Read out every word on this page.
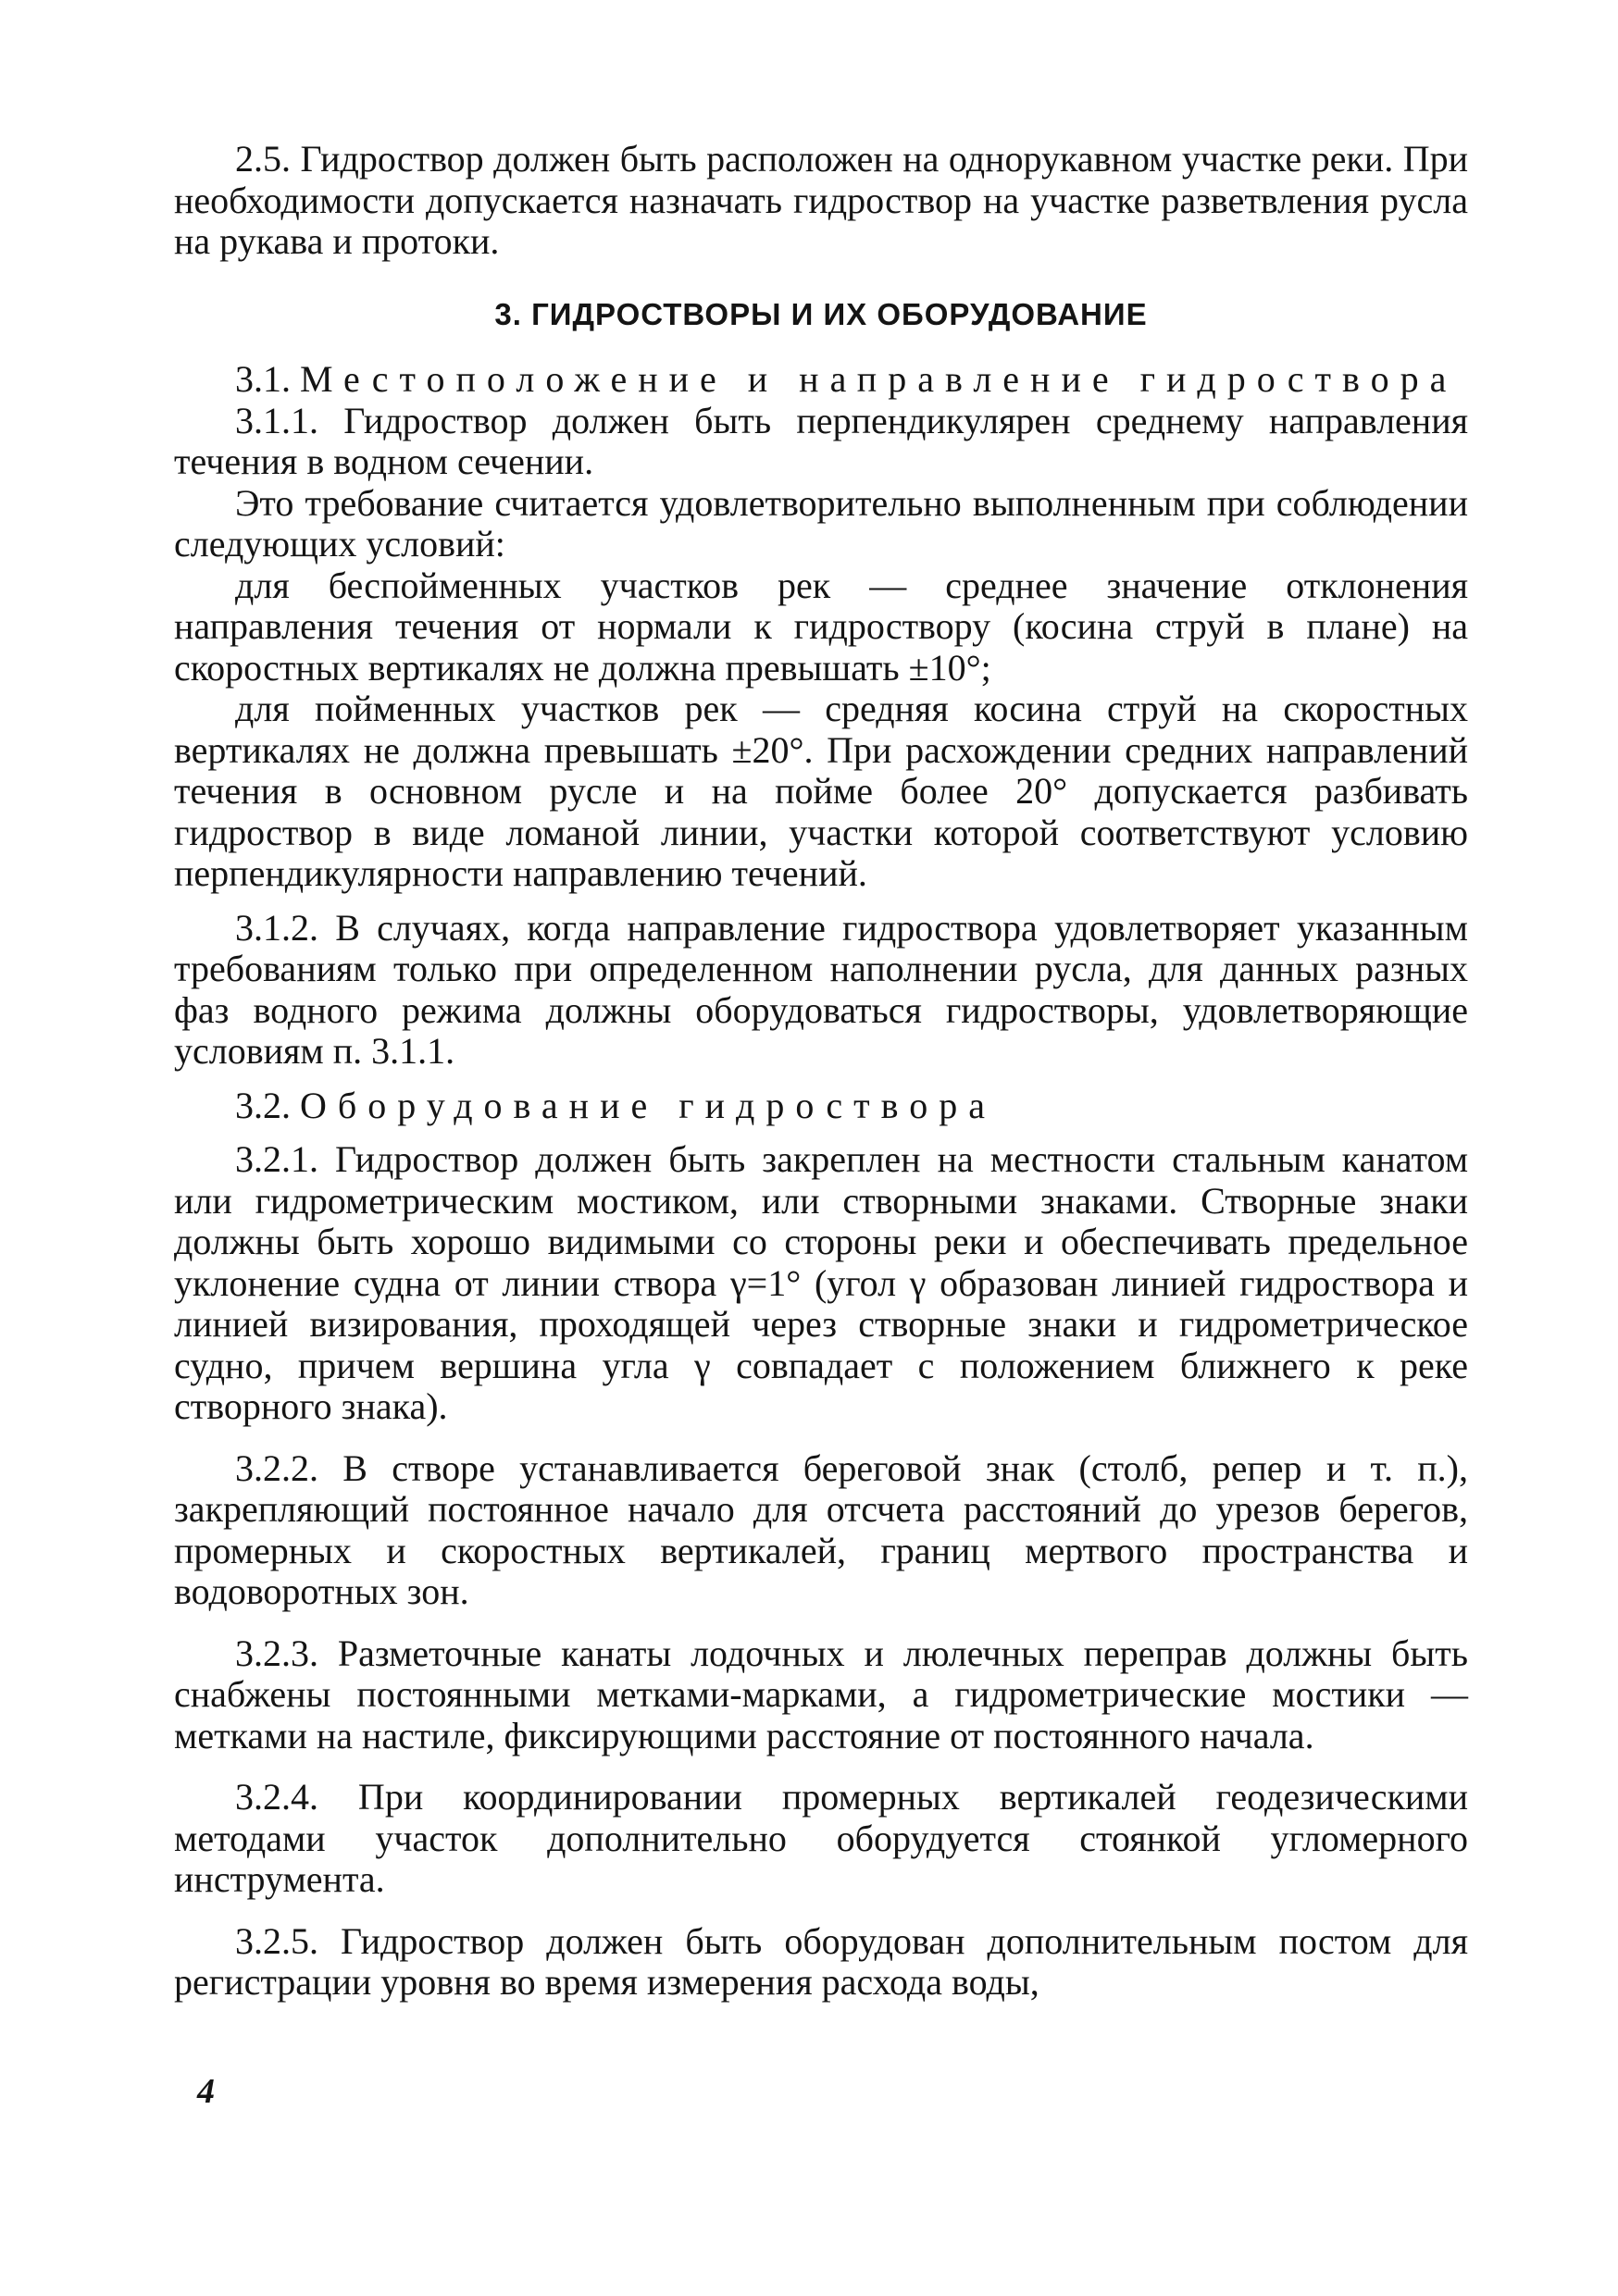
2.5. Гидроствор должен быть расположен на однорукавном участке реки. При необходимости допускается назначать гидроствор на участке разветвления русла на рукава и протоки.

3. ГИДРОСТВОРЫ И ИХ ОБОРУДОВАНИЕ

3.1. Местоположение и направление гидроствора

3.1.1. Гидроствор должен быть перпендикулярен среднему направления течения в водном сечении.

Это требование считается удовлетворительно выполненным при соблюдении следующих условий:

для беспойменных участков рек — среднее значение отклонения направления течения от нормали к гидроствору (косина струй в плане) на скоростных вертикалях не должна превышать ±10°;

для пойменных участков рек — средняя косина струй на скоростных вертикалях не должна превышать ±20°. При расхождении средних направлений течения в основном русле и на пойме более 20° допускается разбивать гидроствор в виде ломаной линии, участки которой соответствуют условию перпендикулярности направлению течений.

3.1.2. В случаях, когда направление гидроствора удовлетворяет указанным требованиям только при определенном наполнении русла, для данных разных фаз водного режима должны оборудоваться гидростворы, удовлетворяющие условиям п. 3.1.1.

3.2. Оборудование гидроствора

3.2.1. Гидроствор должен быть закреплен на местности стальным канатом или гидрометрическим мостиком, или створными знаками. Створные знаки должны быть хорошо видимыми со стороны реки и обеспечивать предельное уклонение судна от линии створа γ=1° (угол γ образован линией гидроствора и линией визирования, проходящей через створные знаки и гидрометрическое судно, причем вершина угла γ совпадает с положением ближнего к реке створного знака).

3.2.2. В створе устанавливается береговой знак (столб, репер и т. п.), закрепляющий постоянное начало для отсчета расстояний до урезов берегов, промерных и скоростных вертикалей, границ мертвого пространства и водоворотных зон.

3.2.3. Разметочные канаты лодочных и люлечных переправ должны быть снабжены постоянными метками-марками, а гидрометрические мостики — метками на настиле, фиксирующими расстояние от постоянного начала.

3.2.4. При координировании промерных вертикалей геодезическими методами участок дополнительно оборудуется стоянкой угломерного инструмента.

3.2.5. Гидроствор должен быть оборудован дополнительным постом для регистрации уровня во время измерения расхода воды,

4
